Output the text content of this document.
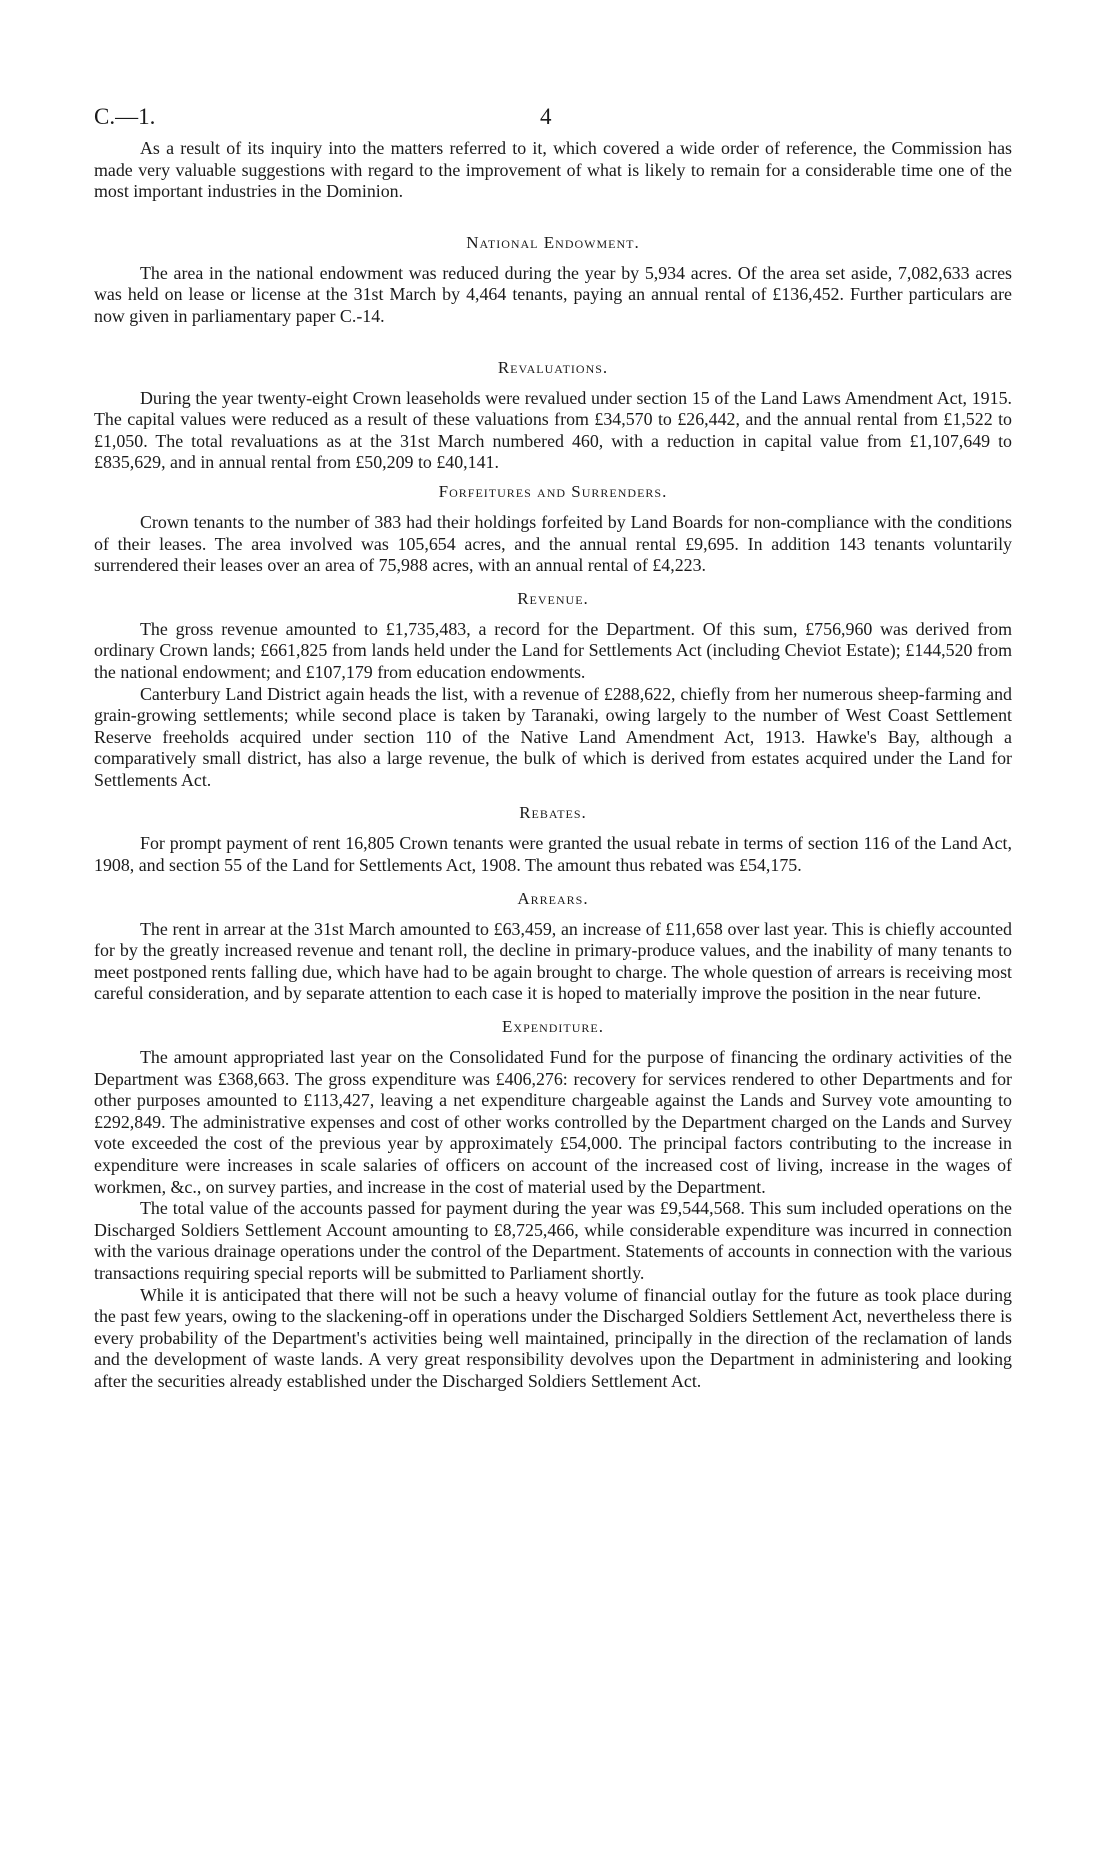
C.—1.	4

As a result of its inquiry into the matters referred to it, which covered a wide order of reference, the Commission has made very valuable suggestions with regard to the improvement of what is likely to remain for a considerable time one of the most important industries in the Dominion.

National Endowment.

The area in the national endowment was reduced during the year by 5,934 acres. Of the area set aside, 7,082,633 acres was held on lease or license at the 31st March by 4,464 tenants, paying an annual rental of £136,452. Further particulars are now given in parliamentary paper C.-14.

Revaluations.

During the year twenty-eight Crown leaseholds were revalued under section 15 of the Land Laws Amendment Act, 1915. The capital values were reduced as a result of these valuations from £34,570 to £26,442, and the annual rental from £1,522 to £1,050. The total revaluations as at the 31st March numbered 460, with a reduction in capital value from £1,107,649 to £835,629, and in annual rental from £50,209 to £40,141.

Forfeitures and Surrenders.

Crown tenants to the number of 383 had their holdings forfeited by Land Boards for non-compliance with the conditions of their leases. The area involved was 105,654 acres, and the annual rental £9,695. In addition 143 tenants voluntarily surrendered their leases over an area of 75,988 acres, with an annual rental of £4,223.

Revenue.

The gross revenue amounted to £1,735,483, a record for the Department. Of this sum, £756,960 was derived from ordinary Crown lands; £661,825 from lands held under the Land for Settlements Act (including Cheviot Estate); £144,520 from the national endowment; and £107,179 from education endowments.

Canterbury Land District again heads the list, with a revenue of £288,622, chiefly from her numerous sheep-farming and grain-growing settlements; while second place is taken by Taranaki, owing largely to the number of West Coast Settlement Reserve freeholds acquired under section 110 of the Native Land Amendment Act, 1913. Hawke's Bay, although a comparatively small district, has also a large revenue, the bulk of which is derived from estates acquired under the Land for Settlements Act.

Rebates.

For prompt payment of rent 16,805 Crown tenants were granted the usual rebate in terms of section 116 of the Land Act, 1908, and section 55 of the Land for Settlements Act, 1908. The amount thus rebated was £54,175.

Arrears.

The rent in arrear at the 31st March amounted to £63,459, an increase of £11,658 over last year. This is chiefly accounted for by the greatly increased revenue and tenant roll, the decline in primary-produce values, and the inability of many tenants to meet postponed rents falling due, which have had to be again brought to charge. The whole question of arrears is receiving most careful consideration, and by separate attention to each case it is hoped to materially improve the position in the near future.

Expenditure.

The amount appropriated last year on the Consolidated Fund for the purpose of financing the ordinary activities of the Department was £368,663. The gross expenditure was £406,276: recovery for services rendered to other Departments and for other purposes amounted to £113,427, leaving a net expenditure chargeable against the Lands and Survey vote amounting to £292,849. The administrative expenses and cost of other works controlled by the Department charged on the Lands and Survey vote exceeded the cost of the previous year by approximately £54,000. The principal factors contributing to the increase in expenditure were increases in scale salaries of officers on account of the increased cost of living, increase in the wages of workmen, &c., on survey parties, and increase in the cost of material used by the Department.

The total value of the accounts passed for payment during the year was £9,544,568. This sum included operations on the Discharged Soldiers Settlement Account amounting to £8,725,466, while considerable expenditure was incurred in connection with the various drainage operations under the control of the Department. Statements of accounts in connection with the various transactions requiring special reports will be submitted to Parliament shortly.

While it is anticipated that there will not be such a heavy volume of financial outlay for the future as took place during the past few years, owing to the slackening-off in operations under the Discharged Soldiers Settlement Act, nevertheless there is every probability of the Department's activities being well maintained, principally in the direction of the reclamation of lands and the development of waste lands. A very great responsibility devolves upon the Department in administering and looking after the securities already established under the Discharged Soldiers Settlement Act.
